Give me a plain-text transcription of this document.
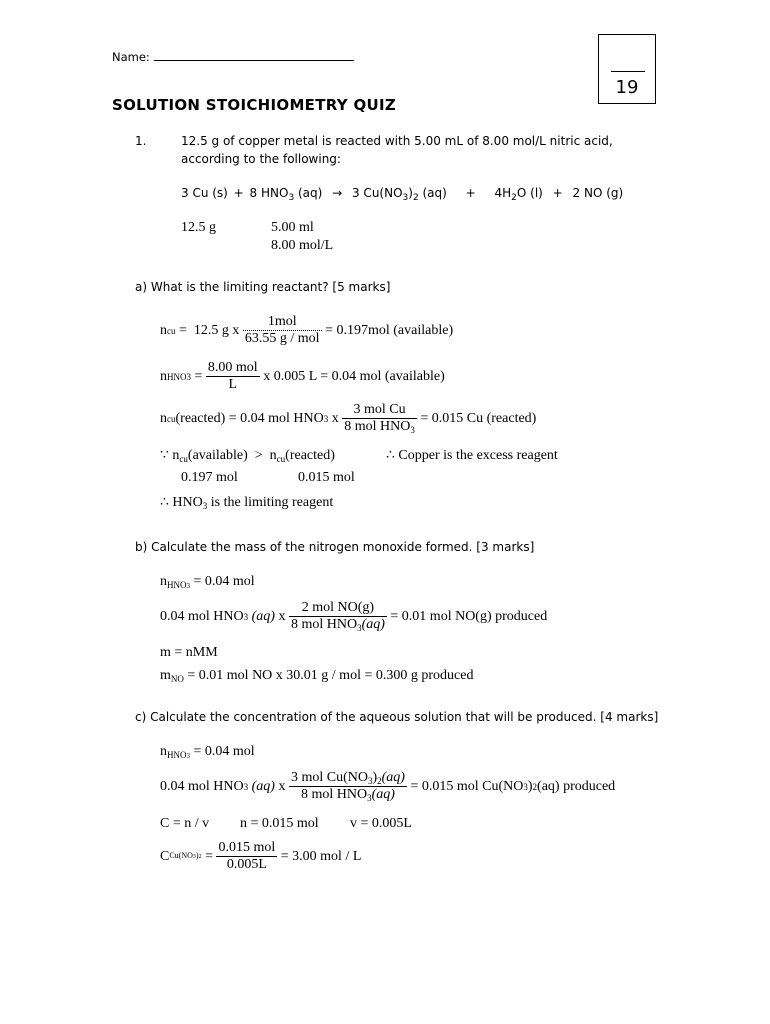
Name:
19
SOLUTION STOICHIOMETRY QUIZ
1.	12.5 g of copper metal is reacted with 5.00 mL of 8.00 mol/L nitric acid,
according to the following:
3 Cu (s) + 8 $HNO_3$ (aq) → 3 $Cu(NO_3)_2$ $(aq) + 4H_2O$ (l) + 2 NO (g)
12.5 g	5.00 ml
8.00 mol/L
a) What is the limiting reactant? [5 marks]
n cu =  12.5 g x $\frac{\text{1mol}}{\text{63.55 g / mol}} = 0.197mol$ (available)
n $HNO3 = \frac{\text{8.00 mol}}{L}$ x 0.005 L = 0.04 mol (available)
n cu (reacted) = 0.04 mol HNO 3 x $\frac{\text{3 mol Cu}}{8 mol HNO_3} = 0.015$ Cu (reacted)
∵ $n_{cu}(available)$  >  $n_{cu}(reacted)$	∴ Copper is the excess reagent
0.197 mol	0.015 mol
∴ $HNO_3$ is the limiting reagent
b) Calculate the mass of the nitrogen monoxide formed. [3 marks]
$n_{HNO3} = 0.04$ mol
0.04 mol HNO 3 (aq) x $\frac{\text{2 mol NO(g)}}{8 mol HNO_3(aq)} = 0.01$ mol NO(g) produced
m = nMM
$m_{NO} = 0.01$ mol NO x 30.01 g / mol = 0.300 g produced
c) Calculate the concentration of the aqueous solution that will be produced. [4 marks]
$n_{HNO3} = 0.04$ mol
0.04 mol HNO 3 (aq) x $\frac{3 mol Cu(NO_3)_2(aq)}{8 mol HNO_3(aq)} = 0.015$ mol Cu(NO 3 ) 2 (aq) produced
C = n / v n = 0.015 mol v = 0.005L
C $Cu(NO3)2 = \frac{\text{0.015 mol}}{0.005L} = 3.00$ mol / L
